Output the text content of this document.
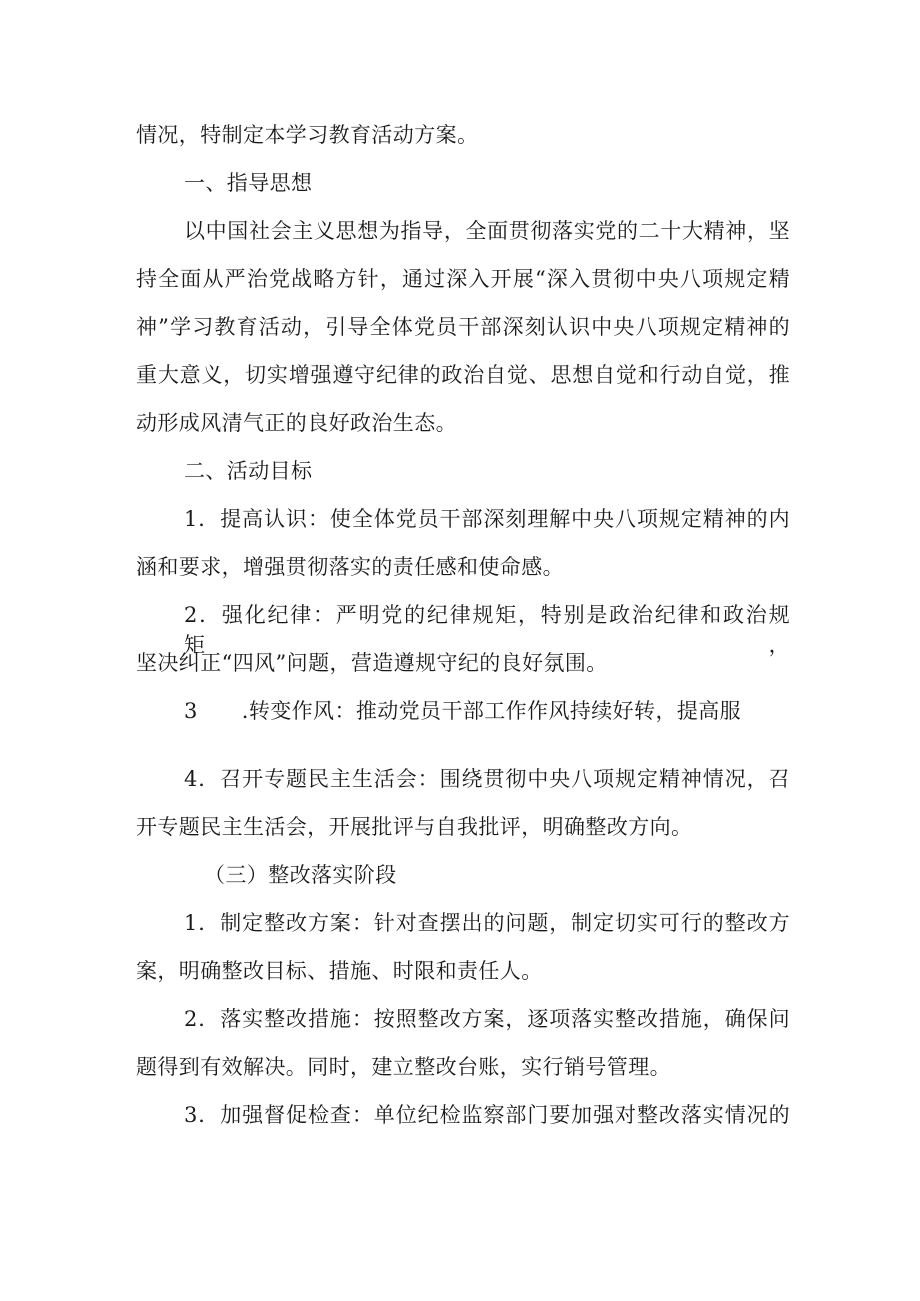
情况，特制定本学习教育活动方案。
一、指导思想
以中国社会主义思想为指导，全面贯彻落实党的二十大精神，坚
持全面从严治党战略方针，通过深入开展“深入贯彻中央八项规定精
神”学习教育活动，引导全体党员干部深刻认识中央八项规定精神的
重大意义，切实增强遵守纪律的政治自觉、思想自觉和行动自觉，推
动形成风清气正的良好政治生态。
二、活动目标
1．提高认识：使全体党员干部深刻理解中央八项规定精神的内
涵和要求，增强贯彻落实的责任感和使命感。
2．强化纪律：严明党的纪律规矩，特别是政治纪律和政治规矩，
坚决纠正“四风”问题，营造遵规守纪的良好氛围。
3 .转变作风：推动党员干部工作作风持续好转，提高服
4．召开专题民主生活会：围绕贯彻中央八项规定精神情况，召
开专题民主生活会，开展批评与自我批评，明确整改方向。
（三）整改落实阶段
1．制定整改方案：针对查摆出的问题，制定切实可行的整改方
案，明确整改目标、措施、时限和责任人。
2．落实整改措施：按照整改方案，逐项落实整改措施，确保问
题得到有效解决。同时，建立整改台账，实行销号管理。
3．加强督促检查：单位纪检监察部门要加强对整改落实情况的
